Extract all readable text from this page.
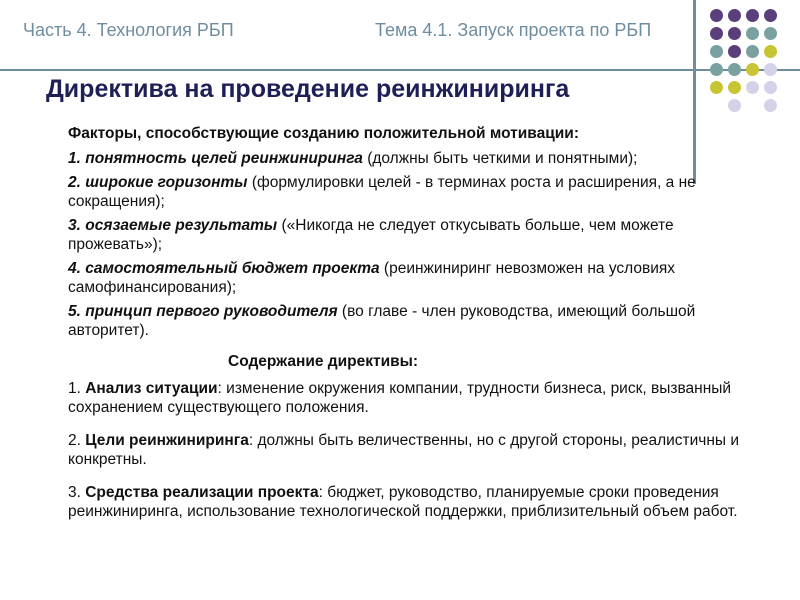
Часть 4. Технология РБП	Тема 4.1. Запуск проекта по РБП
Директива на проведение реинжиниринга
Факторы, способствующие созданию положительной мотивации:
1. понятность целей реинжиниринга (должны быть четкими и понятными);
2. широкие горизонты (формулировки целей - в терминах роста и расширения, а не сокращения);
3. осязаемые результаты («Никогда не следует откусывать больше, чем можете прожевать»);
4. самостоятельный бюджет проекта (реинжиниринг невозможен на условиях самофинансирования);
5. принцип первого руководителя (во главе - член руководства, имеющий большой авторитет).
Содержание директивы:
1. Анализ ситуации: изменение окружения компании, трудности бизнеса, риск, вызванный сохранением существующего положения.
2. Цели реинжиниринга: должны быть величественны, но с другой стороны, реалистичны и конкретны.
3. Средства реализации проекта: бюджет, руководство, планируемые сроки проведения реинжиниринга, использование технологической поддержки, приблизительный объем работ.
